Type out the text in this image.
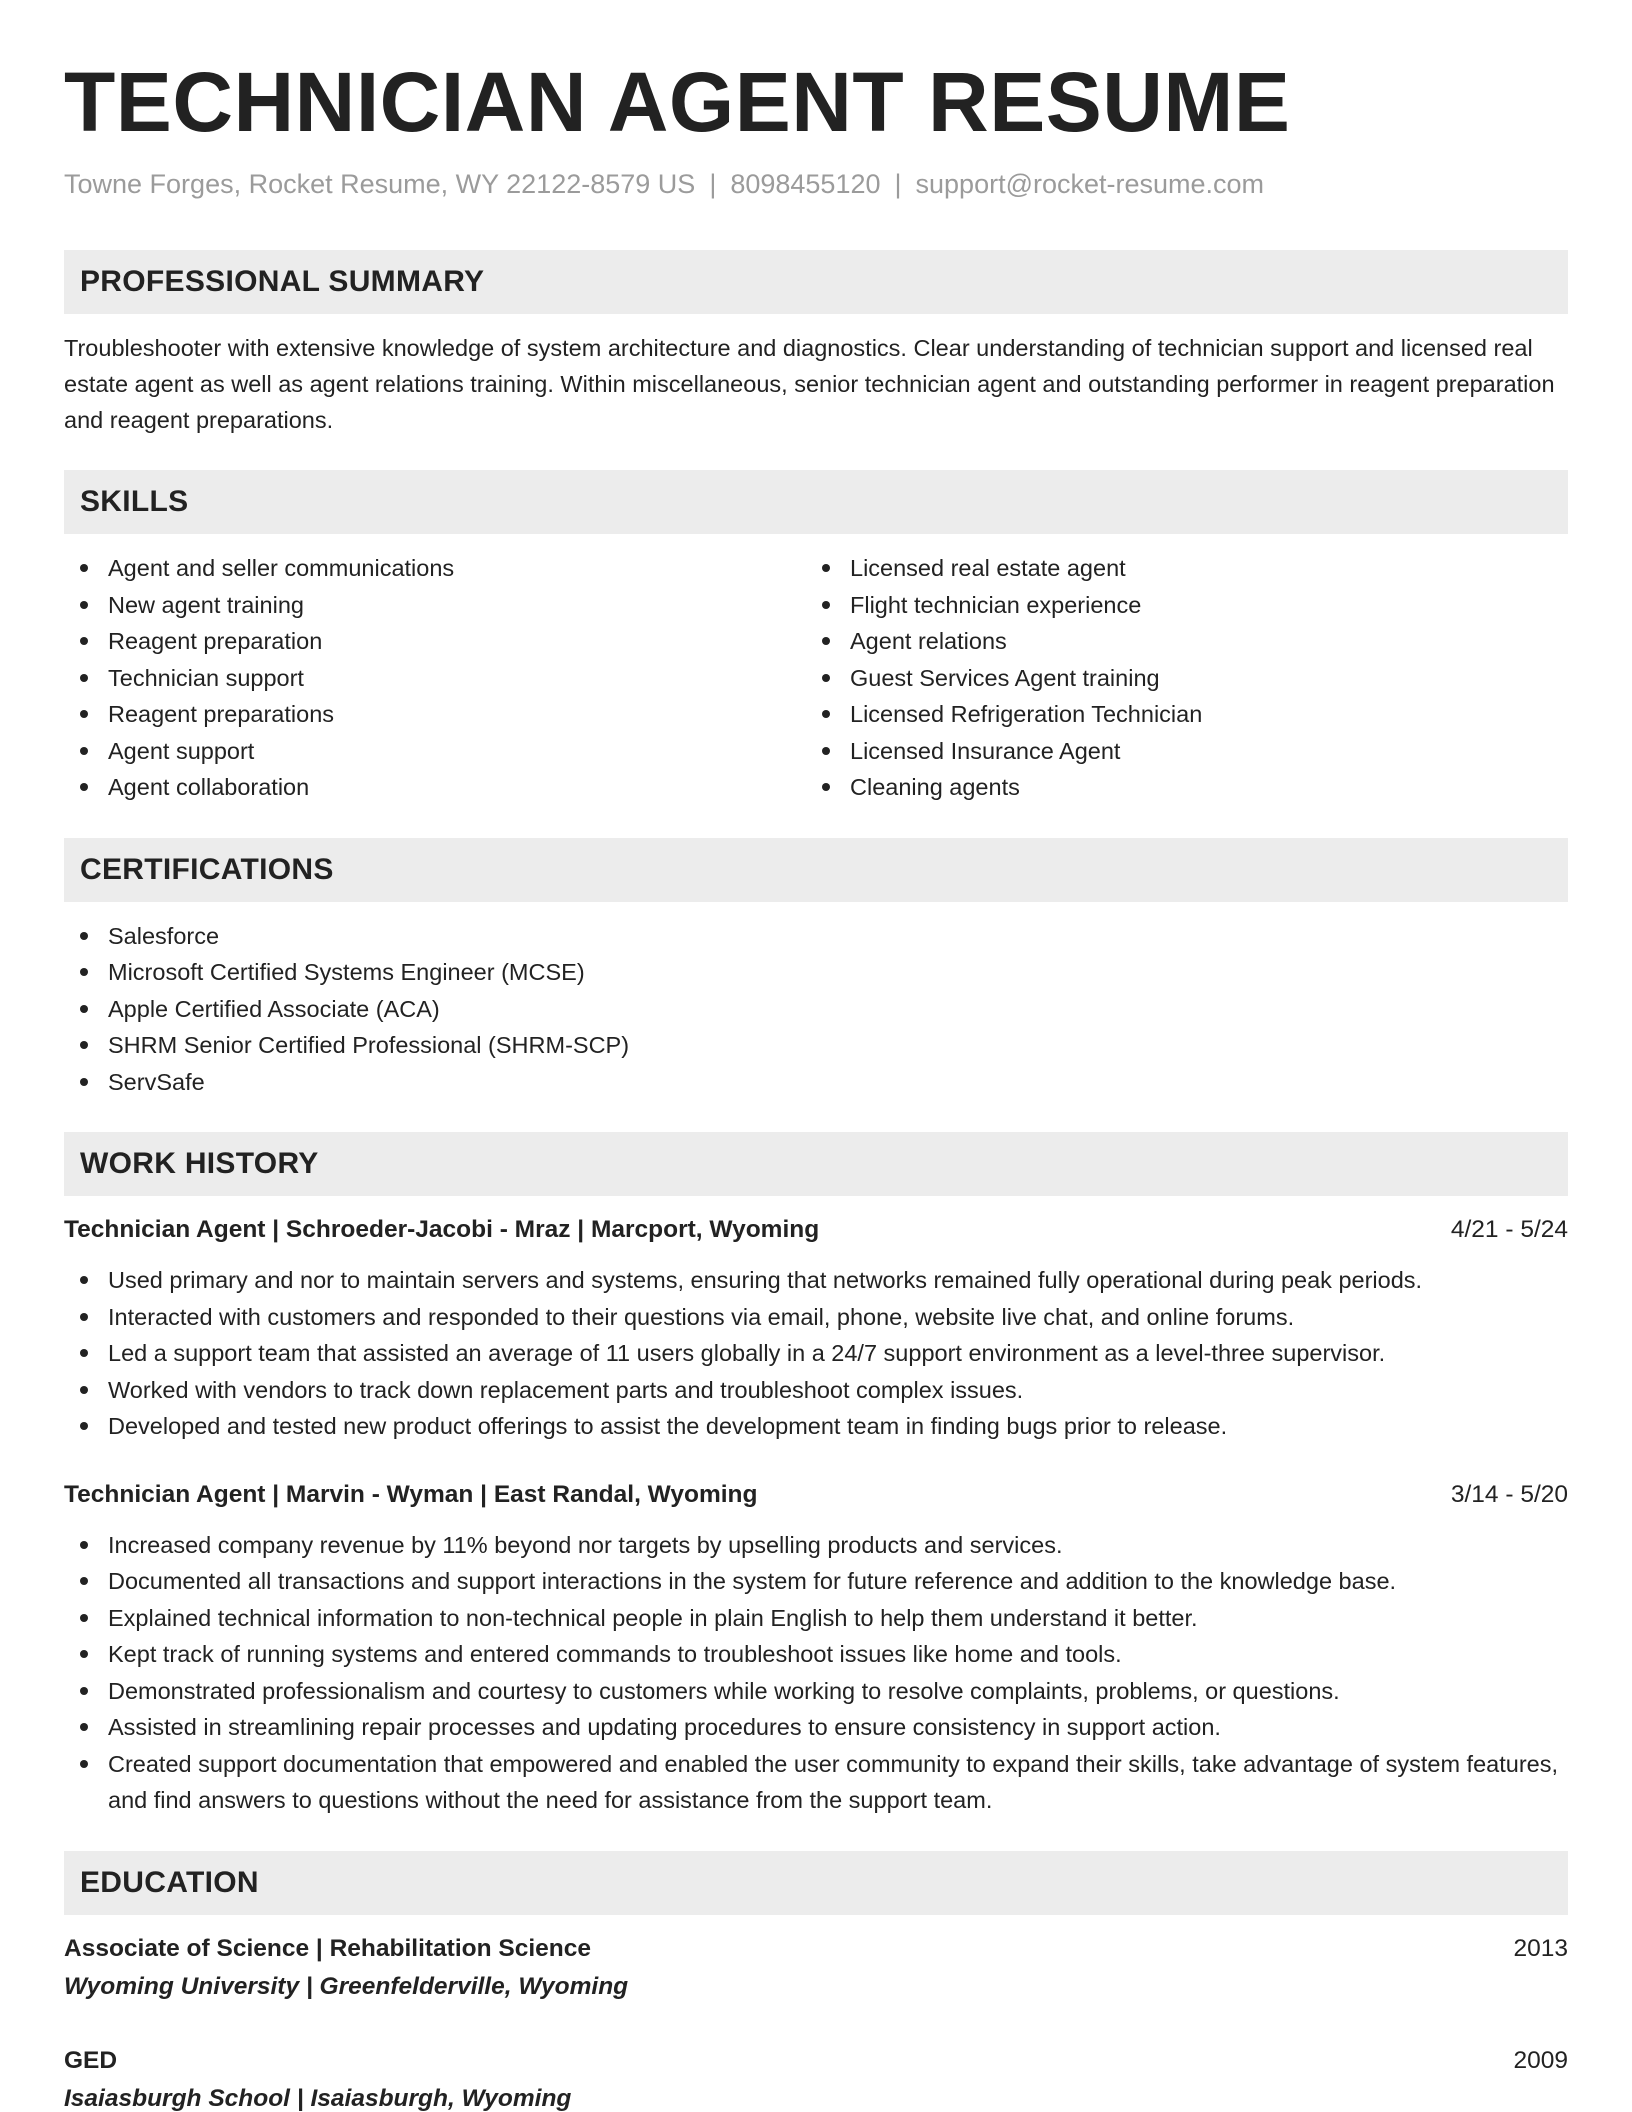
TECHNICIAN AGENT RESUME
Towne Forges, Rocket Resume, WY 22122-8579 US | 8098455120 | support@rocket-resume.com
PROFESSIONAL SUMMARY
Troubleshooter with extensive knowledge of system architecture and diagnostics. Clear understanding of technician support and licensed real estate agent as well as agent relations training. Within miscellaneous, senior technician agent and outstanding performer in reagent preparation and reagent preparations.
SKILLS
Agent and seller communications
New agent training
Reagent preparation
Technician support
Reagent preparations
Agent support
Agent collaboration
Licensed real estate agent
Flight technician experience
Agent relations
Guest Services Agent training
Licensed Refrigeration Technician
Licensed Insurance Agent
Cleaning agents
CERTIFICATIONS
Salesforce
Microsoft Certified Systems Engineer (MCSE)
Apple Certified Associate (ACA)
SHRM Senior Certified Professional (SHRM-SCP)
ServSafe
WORK HISTORY
Technician Agent | Schroeder-Jacobi - Mraz | Marcport, Wyoming	4/21 - 5/24
Used primary and nor to maintain servers and systems, ensuring that networks remained fully operational during peak periods.
Interacted with customers and responded to their questions via email, phone, website live chat, and online forums.
Led a support team that assisted an average of 11 users globally in a 24/7 support environment as a level-three supervisor.
Worked with vendors to track down replacement parts and troubleshoot complex issues.
Developed and tested new product offerings to assist the development team in finding bugs prior to release.
Technician Agent | Marvin - Wyman | East Randal, Wyoming	3/14 - 5/20
Increased company revenue by 11% beyond nor targets by upselling products and services.
Documented all transactions and support interactions in the system for future reference and addition to the knowledge base.
Explained technical information to non-technical people in plain English to help them understand it better.
Kept track of running systems and entered commands to troubleshoot issues like home and tools.
Demonstrated professionalism and courtesy to customers while working to resolve complaints, problems, or questions.
Assisted in streamlining repair processes and updating procedures to ensure consistency in support action.
Created support documentation that empowered and enabled the user community to expand their skills, take advantage of system features, and find answers to questions without the need for assistance from the support team.
EDUCATION
Associate of Science | Rehabilitation Science	2013
Wyoming University | Greenfelderville, Wyoming
GED	2009
Isaiasburgh School | Isaiasburgh, Wyoming
